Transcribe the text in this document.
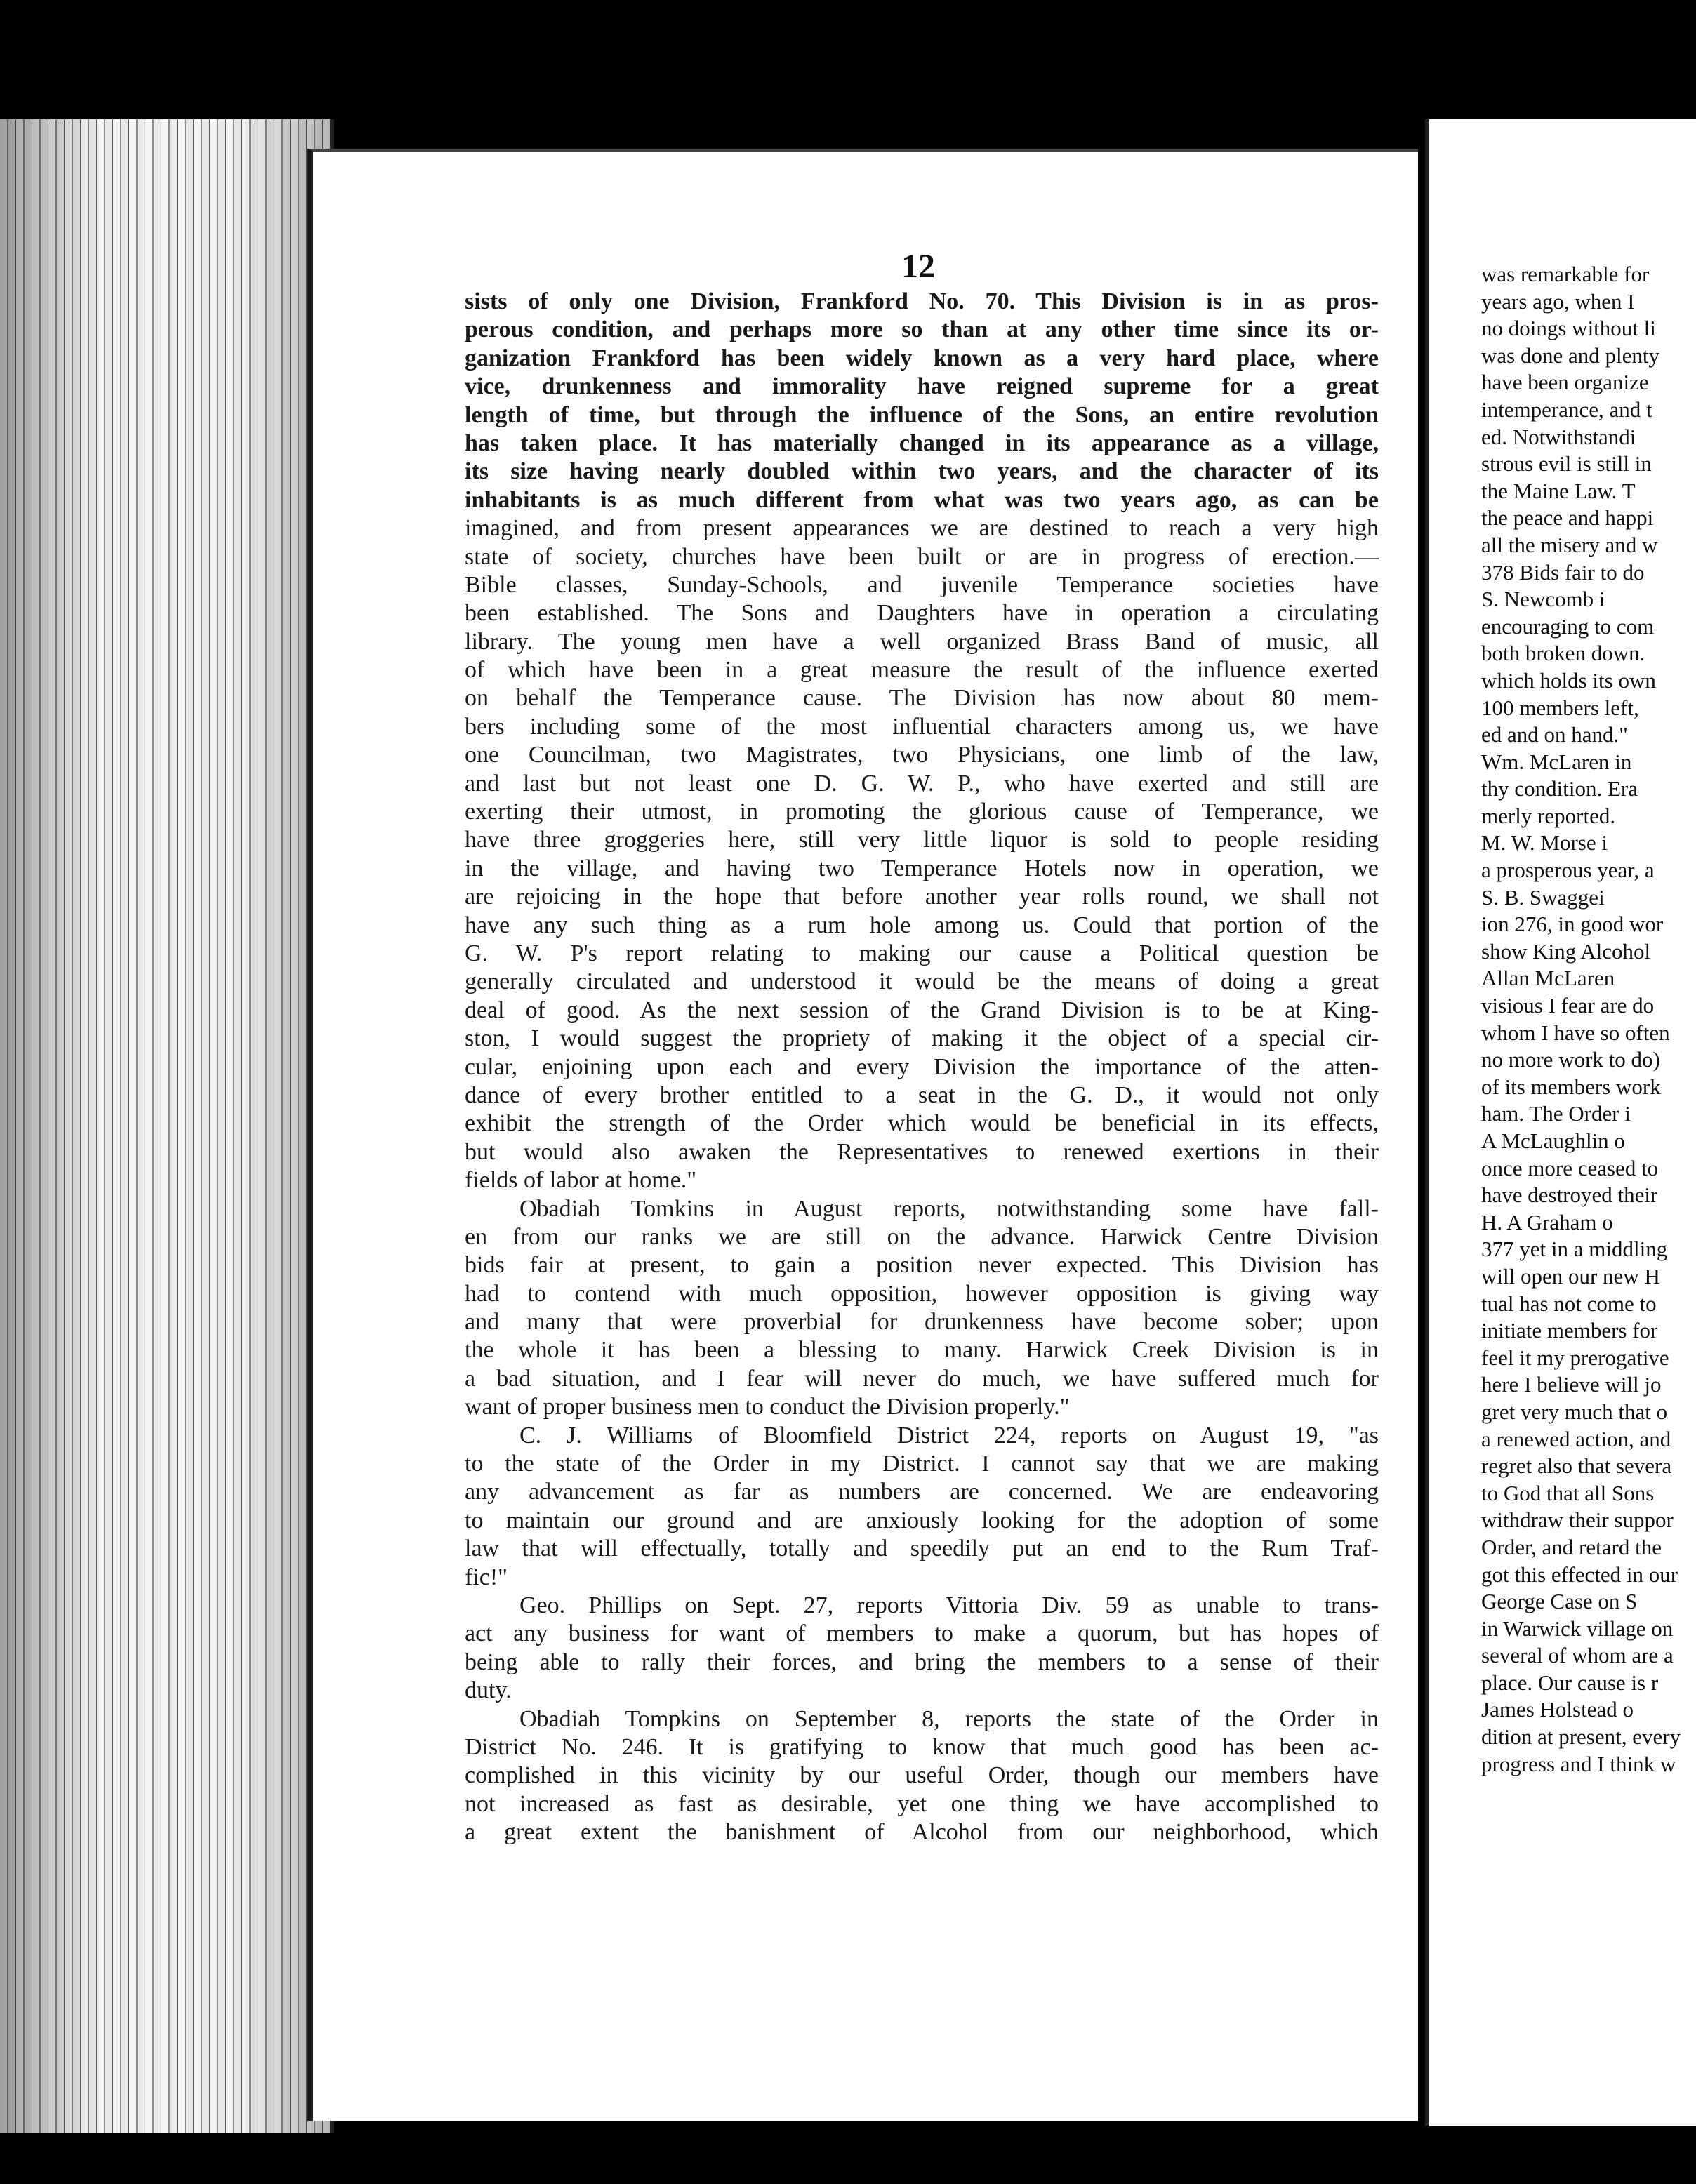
12
sists of only one Division, Frankford No. 70. This Division is in as pros-
perous condition, and perhaps more so than at any other time since its or-
ganization Frankford has been widely known as a very hard place, where
vice, drunkenness and immorality have reigned supreme for a great
length of time, but through the influence of the Sons, an entire revolution
has taken place. It has materially changed in its appearance as a village,
its size having nearly doubled within two years, and the character of its
inhabitants is as much different from what was two years ago, as can be
imagined, and from present appearances we are destined to reach a very high
state of society, churches have been built or are in progress of erection.—
Bible classes, Sunday-Schools, and juvenile Temperance societies have
been established. The Sons and Daughters have in operation a circulating
library. The young men have a well organized Brass Band of music, all
of which have been in a great measure the result of the influence exerted
on behalf the Temperance cause. The Division has now about 80 mem-
bers including some of the most influential characters among us, we have
one Councilman, two Magistrates, two Physicians, one limb of the law,
and last but not least one D. G. W. P., who have exerted and still are
exerting their utmost, in promoting the glorious cause of Temperance, we
have three groggeries here, still very little liquor is sold to people residing
in the village, and having two Temperance Hotels now in operation, we
are rejoicing in the hope that before another year rolls round, we shall not
have any such thing as a rum hole among us. Could that portion of the
G. W. P's report relating to making our cause a Political question be
generally circulated and understood it would be the means of doing a great
deal of good. As the next session of the Grand Division is to be at King-
ston, I would suggest the propriety of making it the object of a special cir-
cular, enjoining upon each and every Division the importance of the atten-
dance of every brother entitled to a seat in the G. D., it would not only
exhibit the strength of the Order which would be beneficial in its effects,
but would also awaken the Representatives to renewed exertions in their
fields of labor at home."
Obadiah Tomkins in August reports, notwithstanding some have fall-
en from our ranks we are still on the advance. Harwick Centre Division
bids fair at present, to gain a position never expected. This Division has
had to contend with much opposition, however opposition is giving way
and many that were proverbial for drunkenness have become sober; upon
the whole it has been a blessing to many. Harwick Creek Division is in
a bad situation, and I fear will never do much, we have suffered much for
want of proper business men to conduct the Division properly."
C. J. Williams of Bloomfield District 224, reports on August 19, "as
to the state of the Order in my District. I cannot say that we are making
any advancement as far as numbers are concerned. We are endeavoring
to maintain our ground and are anxiously looking for the adoption of some
law that will effectually, totally and speedily put an end to the Rum Traf-
fic!"
Geo. Phillips on Sept. 27, reports Vittoria Div. 59 as unable to trans-
act any business for want of members to make a quorum, but has hopes of
being able to rally their forces, and bring the members to a sense of their
duty.
Obadiah Tompkins on September 8, reports the state of the Order in
District No. 246. It is gratifying to know that much good has been ac-
complished in this vicinity by our useful Order, though our members have
not increased as fast as desirable, yet one thing we have accomplished to
a great extent the banishment of Alcohol from our neighborhood, which
was remarkable for
years ago, when I
no doings without li
was done and plenty
have been organize
intemperance, and t
ed. Notwithstandi
strous evil is still in
the Maine Law. T
the peace and happi
all the misery and w
378 Bids fair to do
S. Newcomb i
encouraging to com
both broken down.
which holds its own
100 members left,
ed and on hand."
Wm. McLaren in
thy condition. Era
merly reported.
M. W. Morse i
a prosperous year, a
S. B. Swaggei
ion 276, in good wor
show King Alcohol
Allan McLaren
visious I fear are do
whom I have so often
no more work to do)
of its members work
ham. The Order i
A McLaughlin o
once more ceased to
have destroyed their
H. A Graham o
377 yet in a middling
will open our new H
tual has not come to
initiate members for
feel it my prerogative
here I believe will jo
gret very much that o
a renewed action, and
regret also that severa
to God that all Sons
withdraw their suppor
Order, and retard the
got this effected in our
George Case on S
in Warwick village on
several of whom are a
place. Our cause is r
James Holstead o
dition at present, every
progress and I think w
